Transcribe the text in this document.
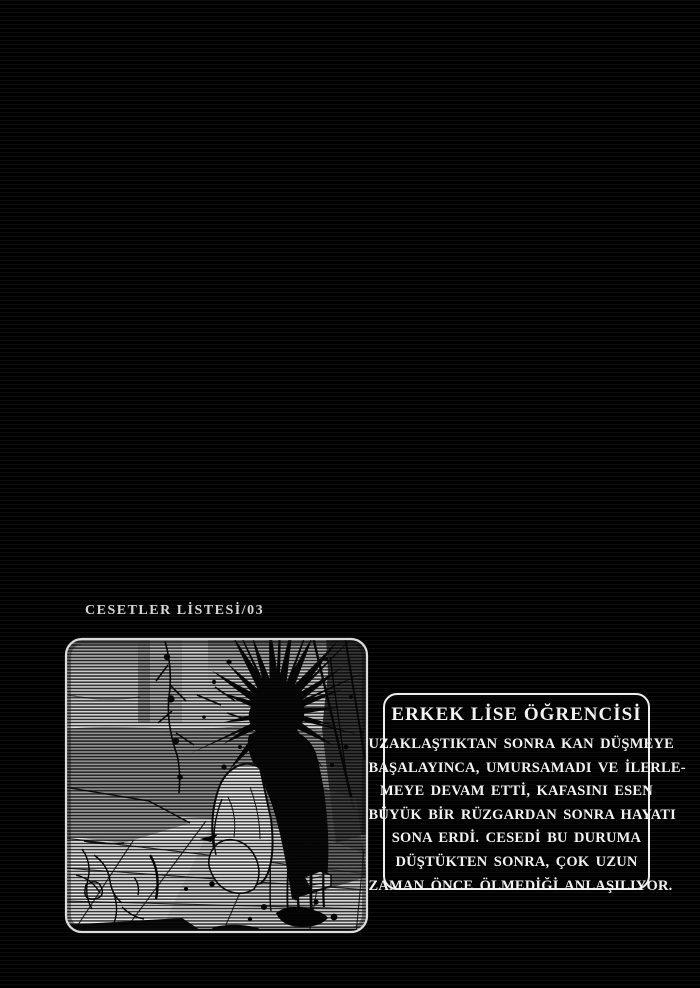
CESETLER LİSTESİ/03
ERKEK LİSE ÖĞRENCİSİ
UZAKLAŞTIKTAN SONRA KAN DÜŞMEYE
BAŞALAYINCA, UMURSAMADI VE İLERLE-
MEYE DEVAM ETTİ, KAFASINI ESEN
BÜYÜK BİR RÜZGARDAN SONRA HAYATI
SONA ERDİ. CESEDİ BU DURUMA
DÜŞTÜKTEN SONRA, ÇOK UZUN
ZAMAN ÖNCE ÖLMEDİĞİ ANLAŞILIYOR.
